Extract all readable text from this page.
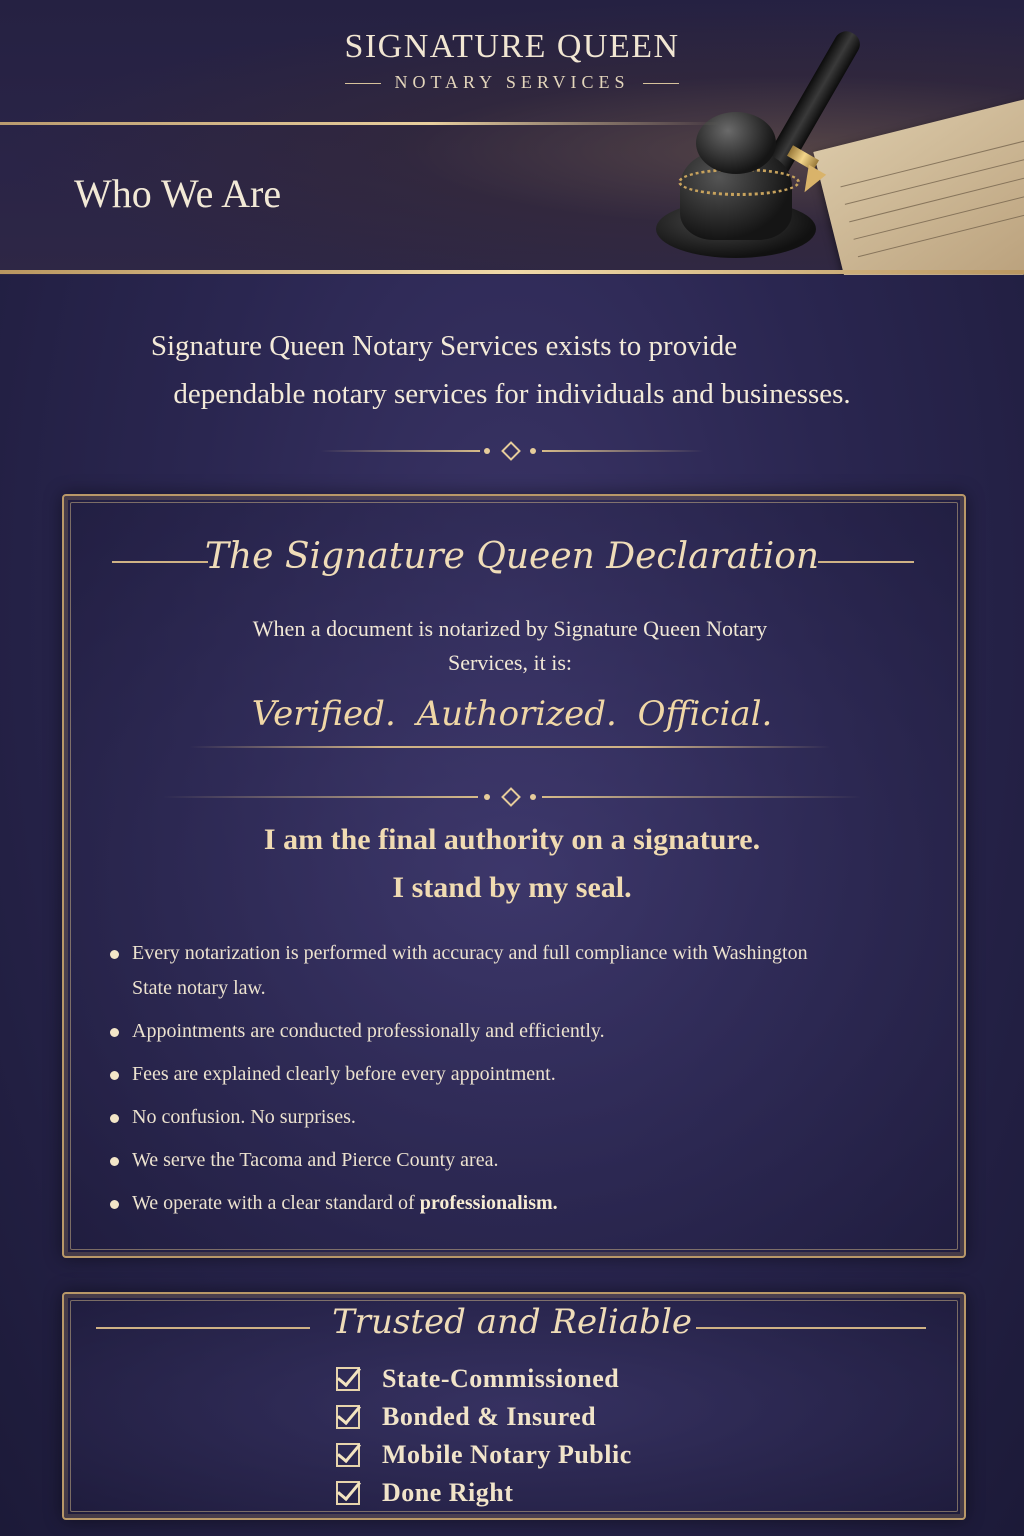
SIGNATURE QUEEN
NOTARY SERVICES
Who We Are
Signature Queen Notary Services exists to provide
dependable notary services for individuals and businesses.
The Signature Queen Declaration
When a document is notarized by Signature Queen Notary
Services, it is:
Verified. Authorized. Official.
I am the final authority on a signature.
I stand by my seal.
Every notarization is performed with accuracy and full compliance with Washington State notary law.
Appointments are conducted professionally and efficiently.
Fees are explained clearly before every appointment.
No confusion. No surprises.
We serve the Tacoma and Pierce County area.
We operate with a clear standard of professionalism.
Trusted and Reliable
State-Commissioned
Bonded & Insured
Mobile Notary Public
Done Right
